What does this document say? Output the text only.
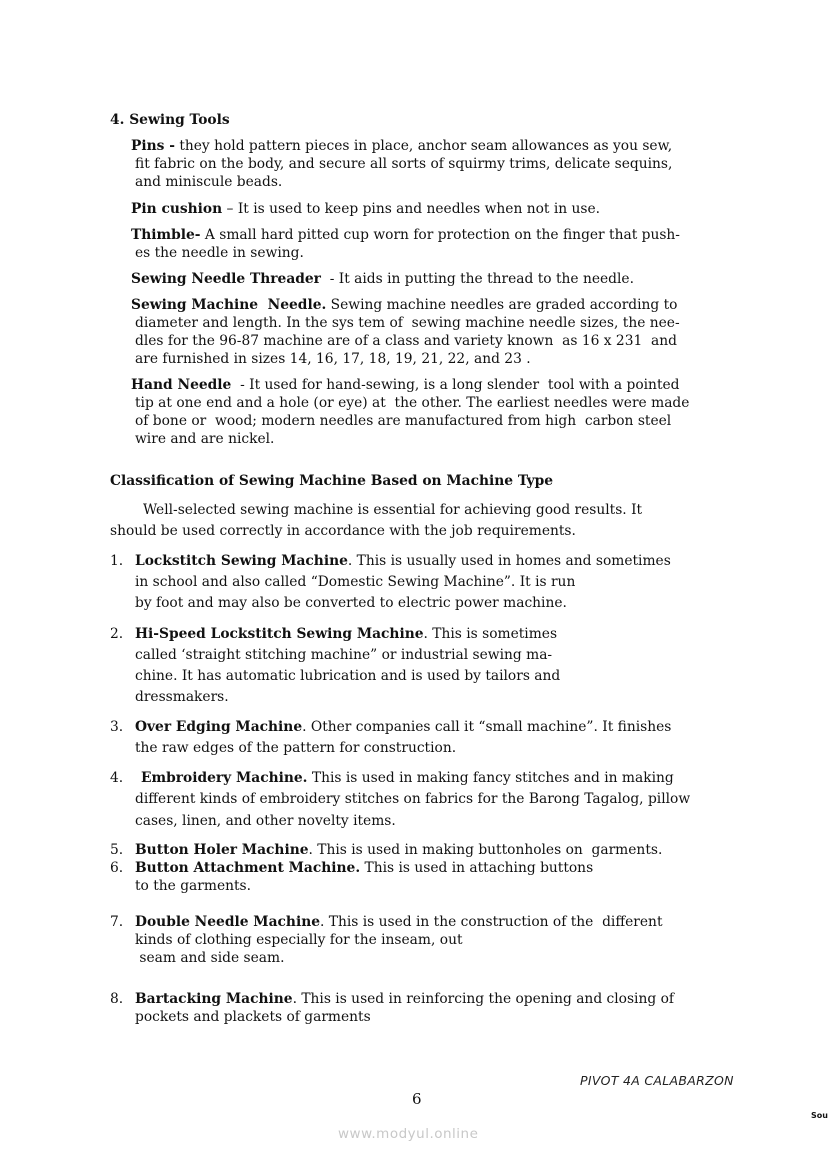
4. Sewing Tools
Pins - they hold pattern pieces in place, anchor seam allowances as you sew,
fit fabric on the body, and secure all sorts of squirmy trims, delicate sequins,
and miniscule beads.
Pin cushion – It is used to keep pins and needles when not in use.
Thimble- A small hard pitted cup worn for protection on the finger that push-
es the needle in sewing.
Sewing Needle Threader  - It aids in putting the thread to the needle.
Sewing Machine  Needle. Sewing machine needles are graded according to
diameter and length. In the sys tem of  sewing machine needle sizes, the nee-
dles for the 96-87 machine are of a class and variety known  as 16 x 231  and
are furnished in sizes 14, 16, 17, 18, 19, 21, 22, and 23 .
Hand Needle  - It used for hand-sewing, is a long slender  tool with a pointed
tip at one end and a hole (or eye) at  the other. The earliest needles were made
of bone or  wood; modern needles are manufactured from high  carbon steel
wire and are nickel.
Classification of Sewing Machine Based on Machine Type
Well-selected sewing machine is essential for achieving good results. It
should be used correctly in accordance with the job requirements.
1. Lockstitch Sewing Machine. This is usually used in homes and sometimes
in school and also called “Domestic Sewing Machine”. It is run
by foot and may also be converted to electric power machine.
2. Hi-Speed Lockstitch Sewing Machine. This is sometimes
called ‘straight stitching machine” or industrial sewing ma-
chine. It has automatic lubrication and is used by tailors and
dressmakers.
3. Over Edging Machine. Other companies call it “small machine”. It finishes
the raw edges of the pattern for construction.
4. Embroidery Machine. This is used in making fancy stitches and in making
different kinds of embroidery stitches on fabrics for the Barong Tagalog, pillow
cases, linen, and other novelty items.
5. Button Holer Machine. This is used in making buttonholes on  garments.
6. Button Attachment Machine. This is used in attaching buttons
to the garments.
7. Double Needle Machine. This is used in the construction of the  different
kinds of clothing especially for the inseam, out
seam and side seam.
8. Bartacking Machine. This is used in reinforcing the opening and closing of
pockets and plackets of garments
PIVOT 4A CALABARZON
6
Sou
www.modyul.online
